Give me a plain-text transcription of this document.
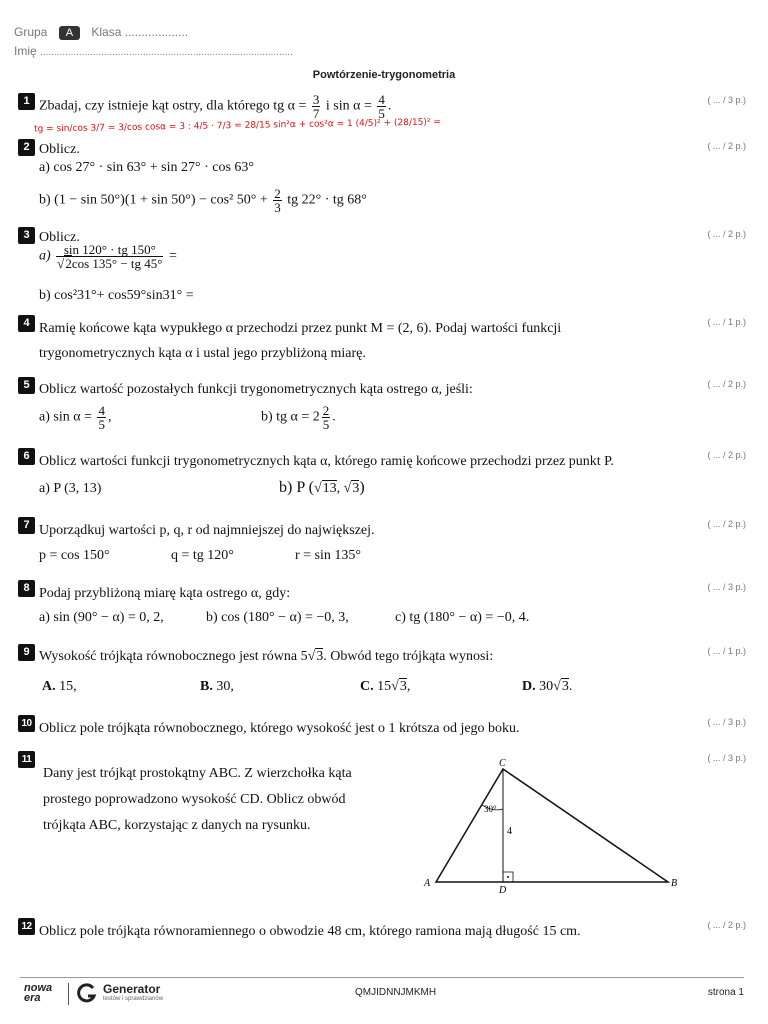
Grupa A Klasa ...................
Imię ...........................................................................................
Powtórzenie-trygonometria
1	( ... / 3 p.)
Zbadaj, czy istnieje kąt ostry, dla którego tg $\alpha = \frac{3}{7}$ i $\sin \alpha = \frac{4}{5}$ .
tg = sin/cos 3/7 = 3/cos cosα = 3 : 4/5 · 7/3 = 28/15 sin²α + cos²α = 1 (4/5)² + (28/15)² =
2	( ... / 2 p.)
Oblicz.
a) cos 27° · sin 63° + sin 27° · cos 63°
b) (1 − sin 50°)(1 + sin 50°) − cos² $50^\circ + \frac{2}{3}$ tg 22° · tg 68°
3	( ... / 2 p.)
Oblicz.
$a) \frac{\sin 120^\circ \cdot tg 150^\circ}{√2\cos 135^\circ - tg 45^\circ}$ =
b) cos²31°+ cos59°sin31° =
4	( ... / 1 p.)
Ramię końcowe kąta wypukłego α przechodzi przez punkt M = (2, 6). Podaj wartości funkcji
trygonometrycznych kąta α i ustal jego przybliżoną miarę.
5	( ... / 2 p.)
Oblicz wartość pozostałych funkcji trygonometrycznych kąta ostrego α, jeśli:
a) $\sin \alpha = \frac{4}{5}$ ,	b) tg $\alpha = 2 \frac{2}{5}$ .
6	( ... / 2 p.)
Oblicz wartości funkcji trygonometrycznych kąta α, którego ramię końcowe przechodzi przez punkt P.
a) P (3, 13)	b) P (√13, √3)
7	( ... / 2 p.)
Uporządkuj wartości p, q, r od najmniejszej do największej.
p = cos 150°	q = tg 120°	r = sin 135°
8	( ... / 3 p.)
Podaj przybliżoną miarę kąta ostrego α, gdy:
a) sin (90° − α) = 0, 2,	b) cos (180° − α) = −0, 3,	c) tg (180° − α) = −0, 4.
9	( ... / 1 p.)
Wysokość trójkąta równobocznego jest równa 5√3. Obwód tego trójkąta wynosi:
A. 15,	B. 30,	C. 15√3,	D. 30√3.
10	( ... / 3 p.)
Oblicz pole trójkąta równobocznego, którego wysokość jest o 1 krótsza od jego boku.
11	( ... / 3 p.)
Dany jest trójkąt prostokątny ABC. Z wierzchołka kąta
prostego poprowadzono wysokość CD. Oblicz obwód
trójkąta ABC, korzystając z danych na rysunku.
C
A
D
B
30°
4
12	( ... / 2 p.)
Oblicz pole trójkąta równoramiennego o obwodzie 48 cm, którego ramiona mają długość 15 cm.
nowa era
Generator
testów i sprawdzianów
QMJIDNNJMKMH	strona 1
